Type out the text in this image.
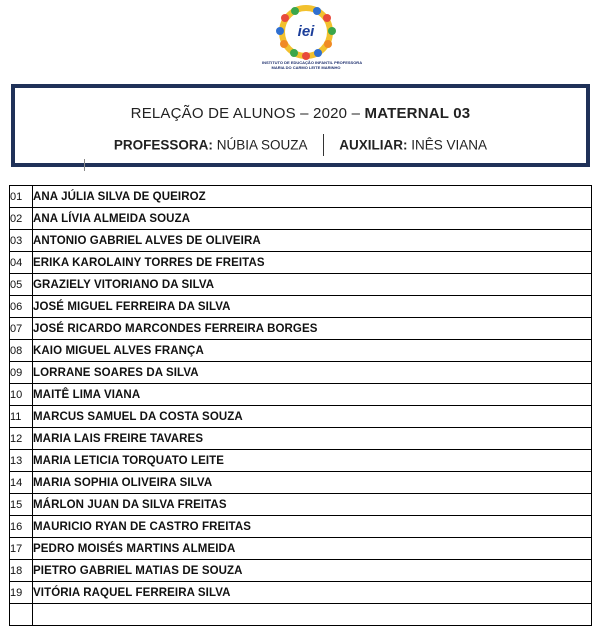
iei
INSTITUTO DE EDUCAÇÃO INFANTIL PROFESSORA
MARIA DO CARMO LEITE MARINHO
RELAÇÃO DE ALUNOS – 2020 – MATERNAL 03
PROFESSORA: NÚBIA SOUZA AUXILIAR: INÊS VIANA
01	ANA JÚLIA SILVA DE QUEIROZ
02	ANA LÍVIA ALMEIDA SOUZA
03	ANTONIO GABRIEL ALVES DE OLIVEIRA
04	ERIKA KAROLAINY TORRES DE FREITAS
05	GRAZIELY VITORIANO DA SILVA
06	JOSÉ MIGUEL FERREIRA DA SILVA
07	JOSÉ RICARDO MARCONDES FERREIRA BORGES
08	KAIO MIGUEL ALVES FRANÇA
09	LORRANE SOARES DA SILVA
10	MAITÊ LIMA VIANA
11	MARCUS SAMUEL DA COSTA SOUZA
12	MARIA LAIS FREIRE TAVARES
13	MARIA LETICIA TORQUATO LEITE
14	MARIA SOPHIA OLIVEIRA SILVA
15	MÁRLON JUAN DA SILVA FREITAS
16	MAURICIO RYAN DE CASTRO FREITAS
17	PEDRO MOISÉS MARTINS ALMEIDA
18	PIETRO GABRIEL MATIAS DE SOUZA
19	VITÓRIA RAQUEL FERREIRA SILVA
